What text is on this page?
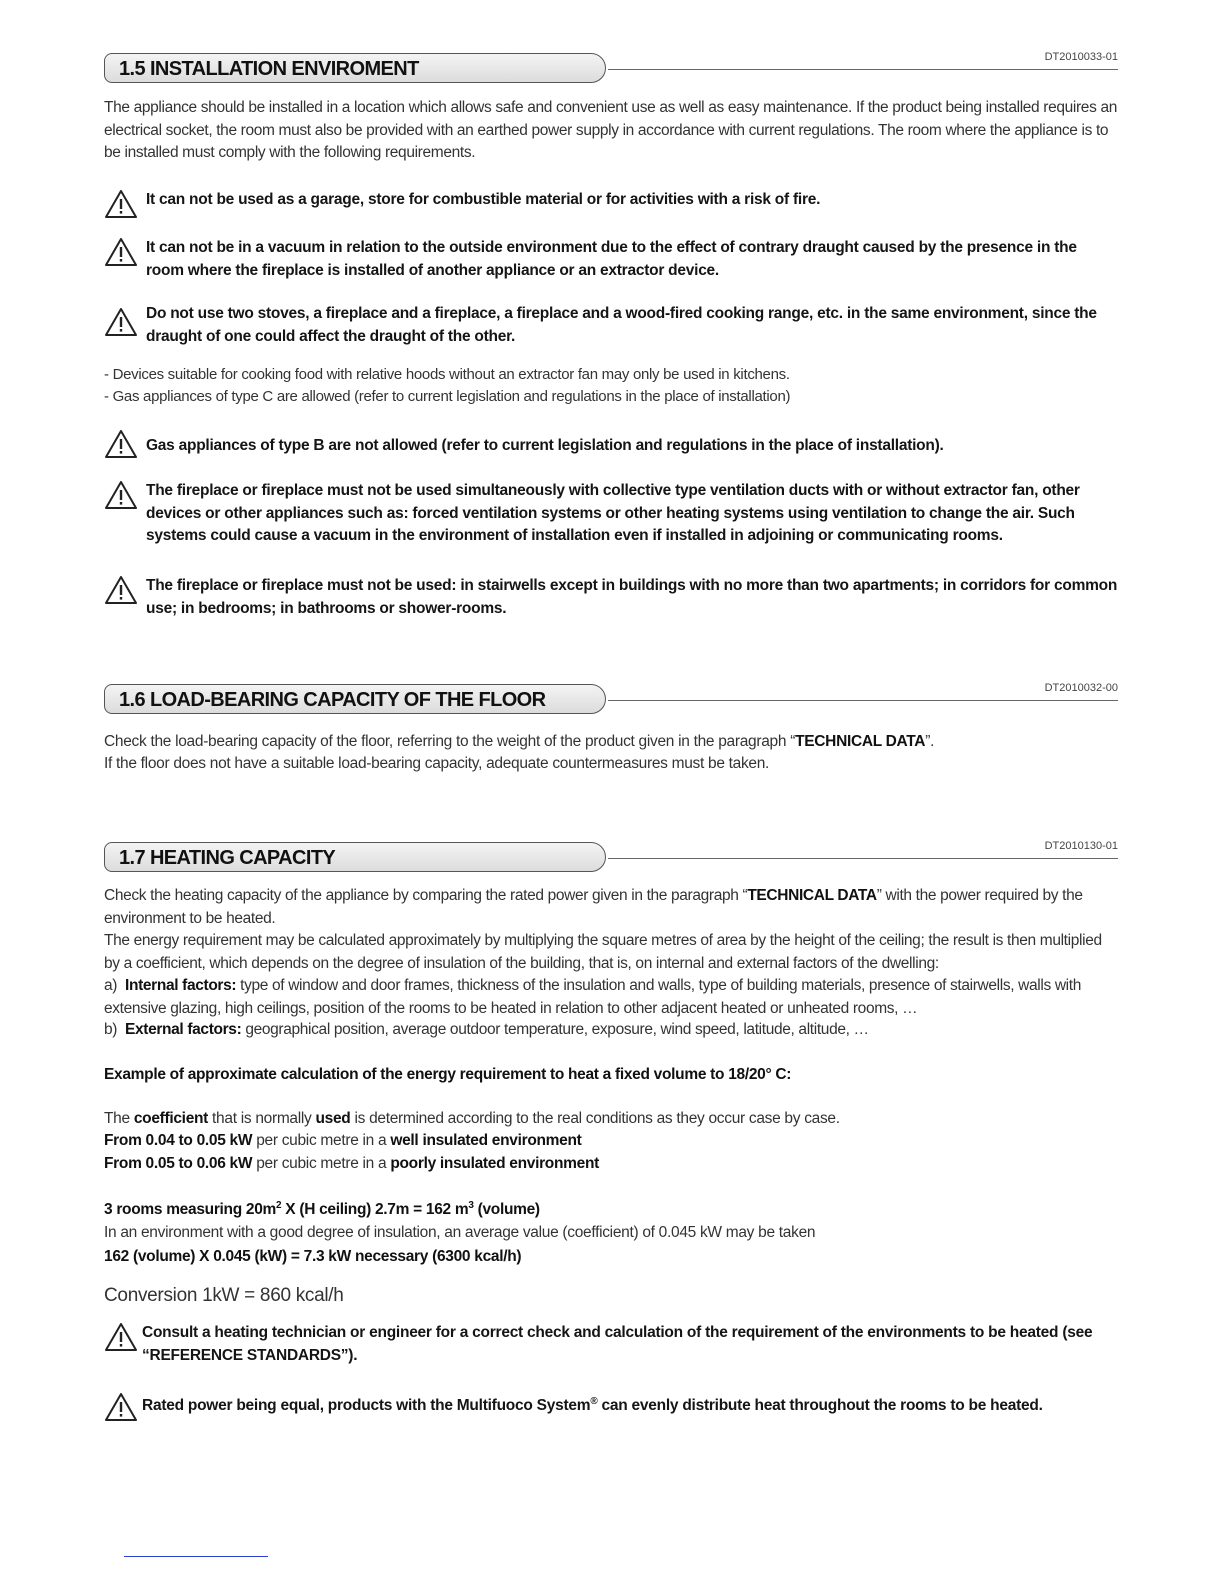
1.5 INSTALLATION ENVIROMENT
DT2010033-01
The appliance should be installed in a location which allows safe and convenient use as well as easy maintenance. If the product being installed requires an electrical socket, the room must also be provided with an earthed power supply in accordance with current regulations. The room where the appliance is to be installed must comply with the following requirements.
It can not be used as a garage, store for combustible material or for activities with a risk of fire.
It can not be in a vacuum in relation to the outside environment due to the effect of contrary draught caused by the presence in the room where the fireplace is installed of another appliance or an extractor device.
Do not use two stoves, a fireplace and a fireplace, a fireplace and a wood-fired cooking range, etc. in the same environment, since the draught of one could affect the draught of the other.
- Devices suitable for cooking food with relative hoods without an extractor fan may only be used in kitchens.
- Gas appliances of type C are allowed (refer to current legislation and regulations in the place of installation)
Gas appliances of type B are not allowed (refer to current legislation and regulations in the place of installation).
The fireplace or fireplace must not be used simultaneously with collective type ventilation ducts with or without extractor fan, other devices or other appliances such as: forced ventilation systems or other heating systems using ventilation to change the air. Such systems could cause a vacuum in the environment of installation even if installed in adjoining or communicating rooms.
The fireplace or fireplace must not be used: in stairwells except in buildings with no more than two apartments; in corridors for common use; in bedrooms; in bathrooms or shower-rooms.
1.6 LOAD-BEARING CAPACITY OF THE FLOOR
DT2010032-00
Check the load-bearing capacity of the floor, referring to the weight of the product given in the paragraph “TECHNICAL DATA”.
If the floor does not have a suitable load-bearing capacity, adequate countermeasures must be taken.
1.7 HEATING CAPACITY
DT2010130-01
Check the heating capacity of the appliance by comparing the rated power given in the paragraph “TECHNICAL DATA” with the power required by the environment to be heated.
The energy requirement may be calculated approximately by multiplying the square metres of area by the height of the ceiling; the result is then multiplied by a coefficient, which depends on the degree of insulation of the building, that is, on internal and external factors of the dwelling:
a) Internal factors: type of window and door frames, thickness of the insulation and walls, type of building materials, presence of stairwells, walls with extensive glazing, high ceilings, position of the rooms to be heated in relation to other adjacent heated or unheated rooms, …
b) External factors: geographical position, average outdoor temperature, exposure, wind speed, latitude, altitude, …
Example of approximate calculation of the energy requirement to heat a fixed volume to 18/20° C:
The coefficient that is normally used is determined according to the real conditions as they occur case by case.
From 0.04 to 0.05 kW per cubic metre in a well insulated environment
From 0.05 to 0.06 kW per cubic metre in a poorly insulated environment
3 rooms measuring $20m^2$ X (H ceiling) 2.7m = 162 $m^3$ (volume)
In an environment with a good degree of insulation, an average value (coefficient) of 0.045 kW may be taken
162 (volume) X 0.045 (kW) = 7.3 kW necessary (6300 kcal/h)
Conversion 1kW = 860 kcal/h
Consult a heating technician or engineer for a correct check and calculation of the requirement of the environments to be heated (see “REFERENCE STANDARDS”).
Rated power being equal, products with the Multifuoco System® can evenly distribute heat throughout the rooms to be heated.
